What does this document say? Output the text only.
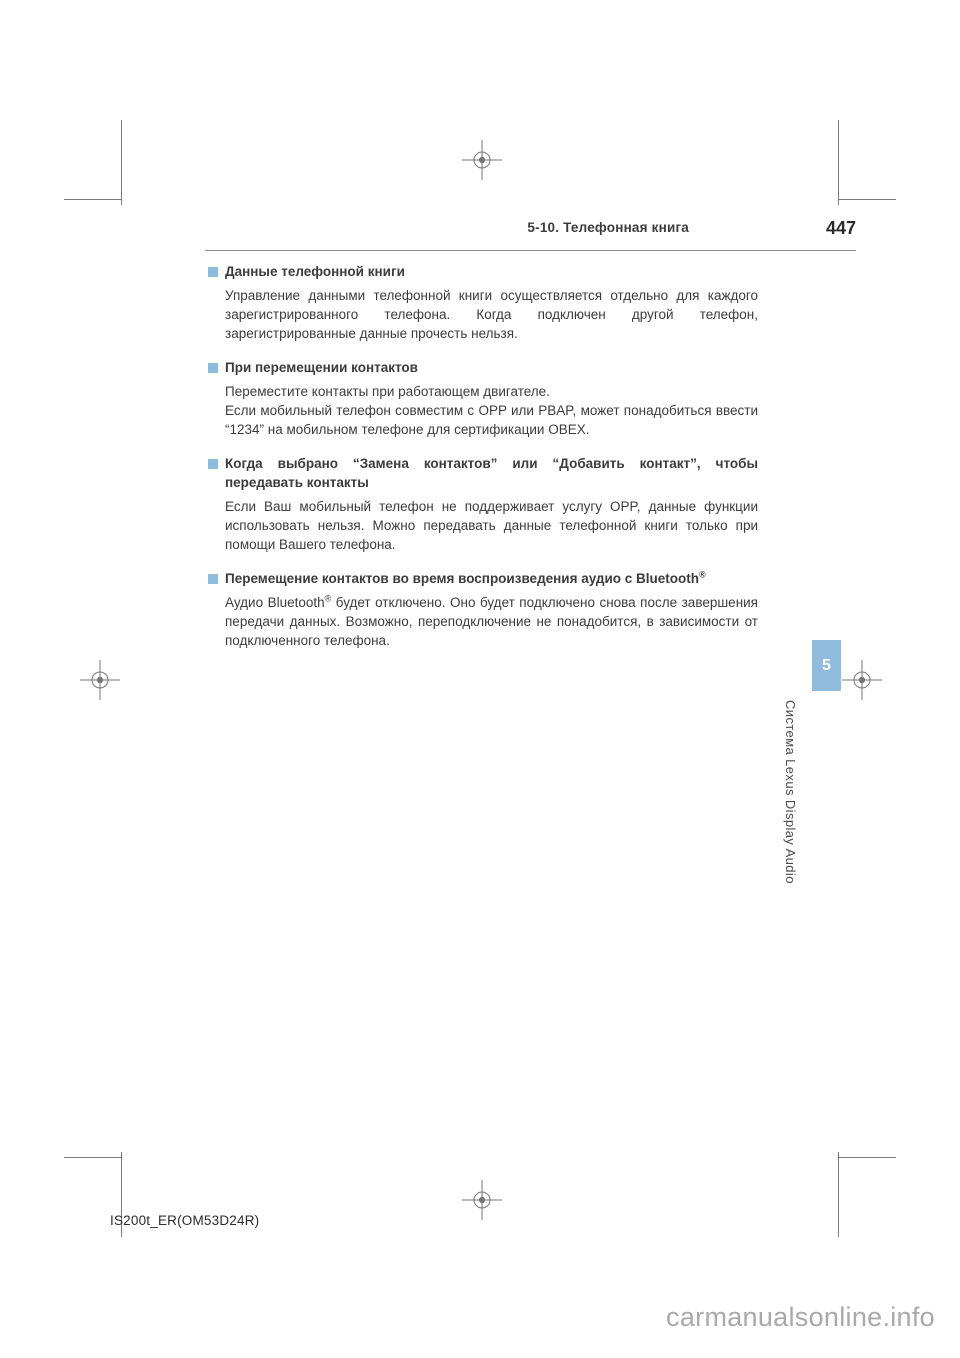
5-10. Телефонная книга	447
Данные телефонной книги

Управление данными телефонной книги осуществляется отдельно для каждого зарегистрированного телефона. Когда подключен другой телефон, зарегистрированные данные прочесть нельзя.

При перемещении контактов

Переместите контакты при работающем двигателе.

Если мобильный телефон совместим с OPP или PBAP, может понадобиться ввести “1234” на мобильном телефоне для сертификации OBEX.

Когда выбрано “Замена контактов” или “Добавить контакт”, чтобы передавать контакты

Если Ваш мобильный телефон не поддерживает услугу OPP, данные функции использовать нельзя. Можно передавать данные телефонной книги только при помощи Вашего телефона.

Перемещение контактов во время воспроизведения аудио с Bluetooth®

Аудио Bluetooth® будет отключено. Оно будет подключено снова после завершения передачи данных. Возможно, переподключение не понадобится, в зависимости от подключенного телефона.

5
Система Lexus Display Audio
IS200t_ER(OM53D24R)
carmanualsonline.info
